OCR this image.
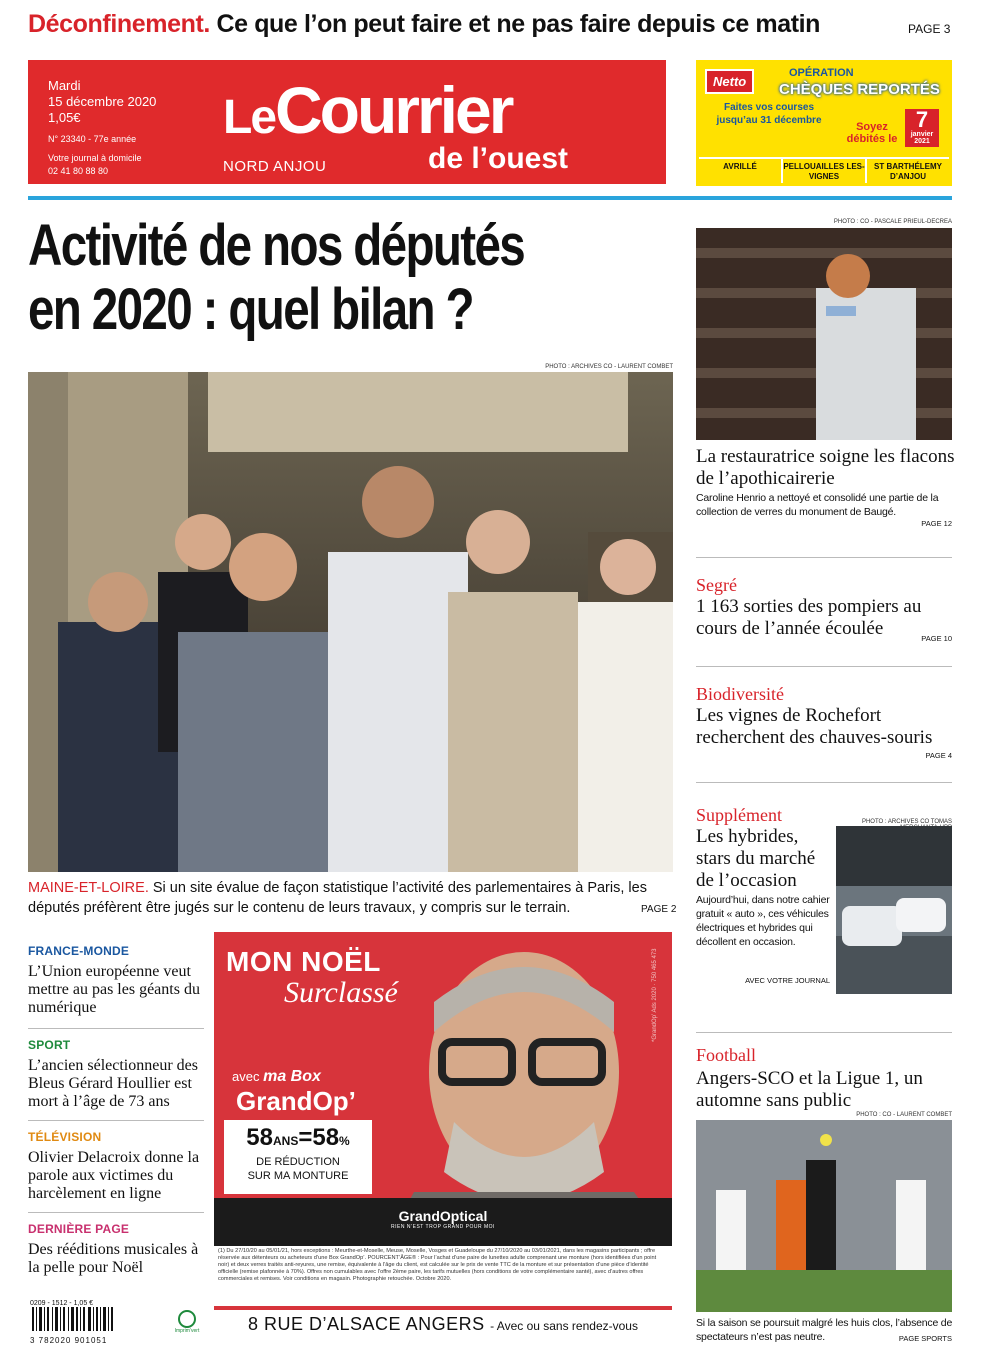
Déconfinement. Ce que l’on peut faire et ne pas faire depuis ce matin	PAGE 3
Mardi
15 décembre 2020
1,05€
N° 23340 - 77e année
Votre journal à domicile
02 41 80 88 80
LeCourrier
de l’ouest
NORD ANJOU
Netto
OPÉRATION
CHÈQUES REPORTÉS
Faites vos courses
jusqu’au 31 décembre
Soyez
débités le
7
janvier
2021
AVRILLÉ	PELLOUAILLES LES-VIGNES
ST BARTHÉLEMY D’ANJOU
Activité de nos députés
en 2020 : quel bilan ?
PHOTO : ARCHIVES CO - LAURENT COMBET
MAINE-ET-LOIRE. Si un site évalue de façon statistique l’activité des parlementaires à Paris, les députés préfèrent être jugés sur le contenu de leurs travaux, y compris sur le terrain.	PAGE 2
PHOTO : CO - PASCALE PRIEUL-DECREA
La restauratrice soigne les flacons de l’apothicairerie
Caroline Henrio a nettoyé et consolidé une partie de la collection de verres du monument de Baugé.
PAGE 12
Segré
1 163 sorties des pompiers au cours de l’année écoulée	PAGE 10
Biodiversité
Les vignes de Rochefort recherchent des chauves-souris
PAGE 4
Supplément
Les hybrides, stars du marché de l’occasion
Aujourd’hui, dans notre cahier gratuit « auto », ces véhicules électriques et hybrides qui décollent en occasion.
AVEC VOTRE JOURNAL
PHOTO : ARCHIVES CO TOMAS
Football
Angers-SCO et la Ligue 1, un automne sans public
PHOTO : CO - LAURENT COMBET
Si la saison se poursuit malgré les huis clos, l’absence de spectateurs n’est pas neutre.	PAGE SPORTS
FRANCE-MONDE
L’Union européenne veut mettre au pas les géants du numérique
SPORT
L’ancien sélectionneur des Bleus Gérard Houllier est mort à l’âge de 73 ans
TÉLÉVISION
Olivier Delacroix donne la parole aux victimes du harcèlement en ligne
DERNIÈRE PAGE
Des rééditions musicales à la pelle pour Noël
0209 - 1512 - 1,05 €
3 782020 901051
Imprim’vert
MON NOËL
Surclassé
avec ma Box
GrandOp’
58ANS=58%
DE RÉDUCTION
SUR MA MONTURE
GrandOptical
RIEN N’EST TROP GRAND POUR MOI
*GrandOp’ Ads 2020 · 750 465 473
(1) Du 27/10/20 au 05/01/21, hors exceptions : Meurthe-et-Moselle, Meuse, Moselle, Vosges et Guadeloupe du 27/10/2020 au 03/01/2021, dans les magasins participants ; offre réservée aux détenteurs ou acheteurs d’une Box GrandOp’. POURCENT’ÂGE® : Pour l’achat d’une paire de lunettes adulte comprenant une monture (hors identifiées d’un point noir) et deux verres traités anti-reyures, une remise, équivalente à l’âge du client, est calculée sur le prix de vente TTC de la monture et sur présentation d’une pièce d’identité officielle (remise plafonnée à 70%). Offres non cumulables avec l’offre 2ème paire, les tarifs mutuelles (hors conditions de votre complémentaire santé), avec d’autres offres commerciales et remises. Voir conditions en magasin. Photographie retouchée. Octobre 2020.
8 RUE D’ALSACE ANGERS - Avec ou sans rendez-vous
